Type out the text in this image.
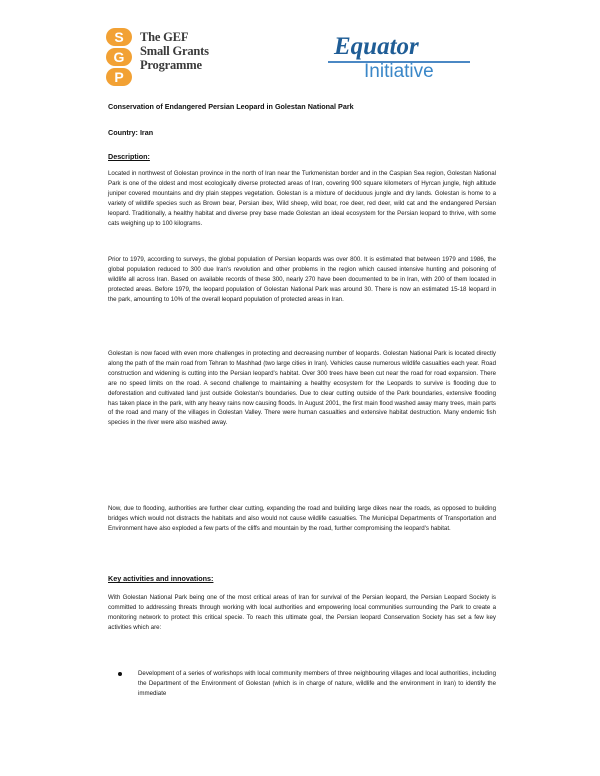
S
G
P
The GEF
Small Grants
Programme
Equator
Initiative
Conservation of Endangered Persian Leopard in Golestan National Park
Country: Iran
Description:
Located in northwest of Golestan province in the north of Iran near the Turkmenistan border and in the Caspian Sea region, Golestan National Park is one of the oldest and most ecologically diverse protected areas of Iran, covering 900 square kilometers of Hyrcan jungle, high altitude juniper covered mountains and dry plain steppes vegetation. Golestan is a mixture of deciduous jungle and dry lands. Golestan is home to a variety of wildlife species such as Brown bear, Persian ibex, Wild sheep, wild boar, roe deer, red deer, wild cat and the endangered Persian leopard. Traditionally, a healthy habitat and diverse prey base made Golestan an ideal ecosystem for the Persian leopard to thrive, with some cats weighing up to 100 kilograms.
Prior to 1979, according to surveys, the global population of Persian leopards was over 800. It is estimated that between 1979 and 1986, the global population reduced to 300 due Iran's revolution and other problems in the region which caused intensive hunting and poisoning of wildlife all across Iran. Based on available records of these 300, nearly 270 have been documented to be in Iran, with 200 of them located in protected areas. Before 1979, the leopard population of Golestan National Park was around 30. There is now an estimated 15-18 leopard in the park, amounting to 10% of the overall leopard population of protected areas in Iran.
Golestan is now faced with even more challenges in protecting and decreasing number of leopards. Golestan National Park is located directly along the path of the main road from Tehran to Mashhad (two large cities in Iran). Vehicles cause numerous wildlife casualties each year. Road construction and widening is cutting into the Persian leopard's habitat. Over 300 trees have been cut near the road for road expansion. There are no speed limits on the road. A second challenge to maintaining a healthy ecosystem for the Leopards to survive is flooding due to deforestation and cultivated land just outside Golestan's boundaries. Due to clear cutting outside of the Park boundaries, extensive flooding has taken place in the park, with any heavy rains now causing floods. In August 2001, the first main flood washed away many trees, main parts of the road and many of the villages in Golestan Valley. There were human casualties and extensive habitat destruction. Many endemic fish species in the river were also washed away.
Now, due to flooding, authorities are further clear cutting, expanding the road and building large dikes near the roads, as opposed to building bridges which would not distracts the habitats and also would not cause wildlife casualties. The Municipal Departments of Transportation and Environment have also exploded a few parts of the cliffs and mountain by the road, further compromising the leopard's habitat.
Key activities and innovations:
With Golestan National Park being one of the most critical areas of Iran for survival of the Persian leopard, the Persian Leopard Society is committed to addressing threats through working with local authorities and empowering local communities surrounding the Park to create a monitoring network to protect this critical specie. To reach this ultimate goal, the Persian leopard Conservation Society has set a few key activities which are:
Development of a series of workshops with local community members of three neighbouring villages and local authorities, including the Department of the Environment of Golestan (which is in charge of nature, wildlife and the environment in Iran) to identify the immediate
